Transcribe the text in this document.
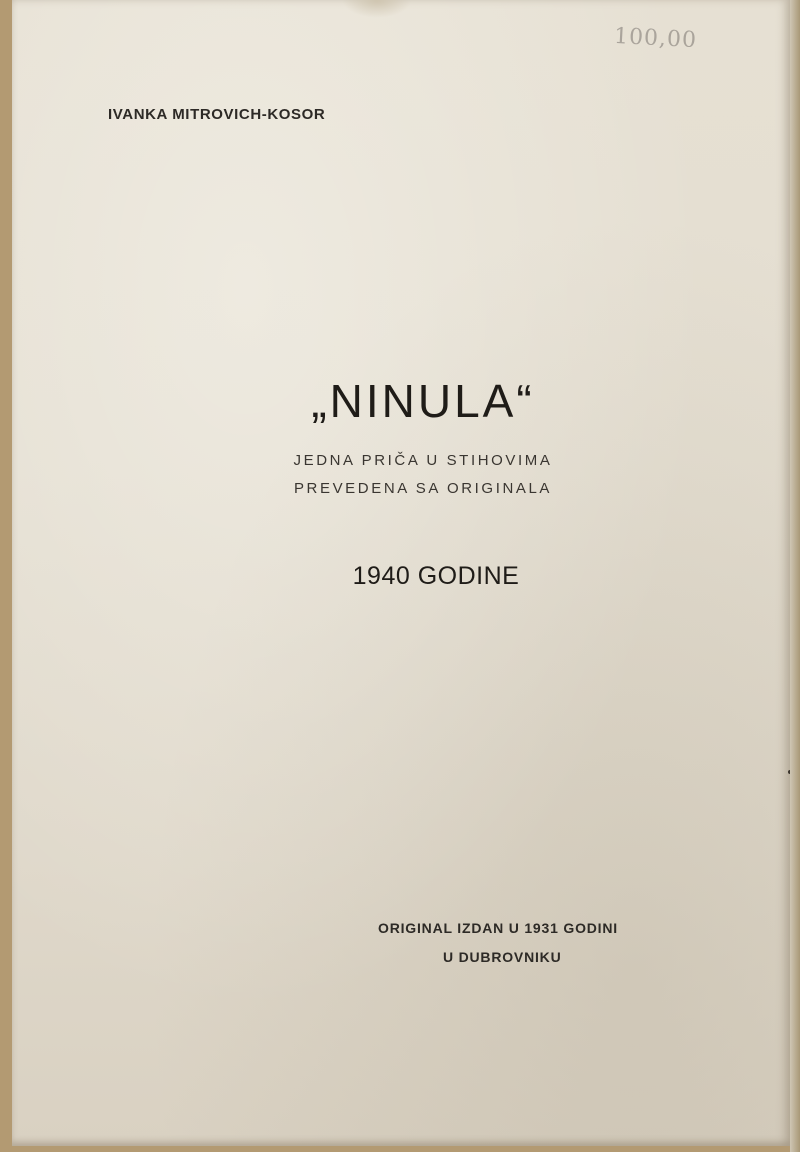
100,00

IVANKA MITROVICH-KOSOR

„NINULA“

JEDNA PRIČA U STIHOVIMA

PREVEDENA SA ORIGINALA

1940 GODINE

ORIGINAL IZDAN U 1931 GODINI

U DUBROVNIKU
